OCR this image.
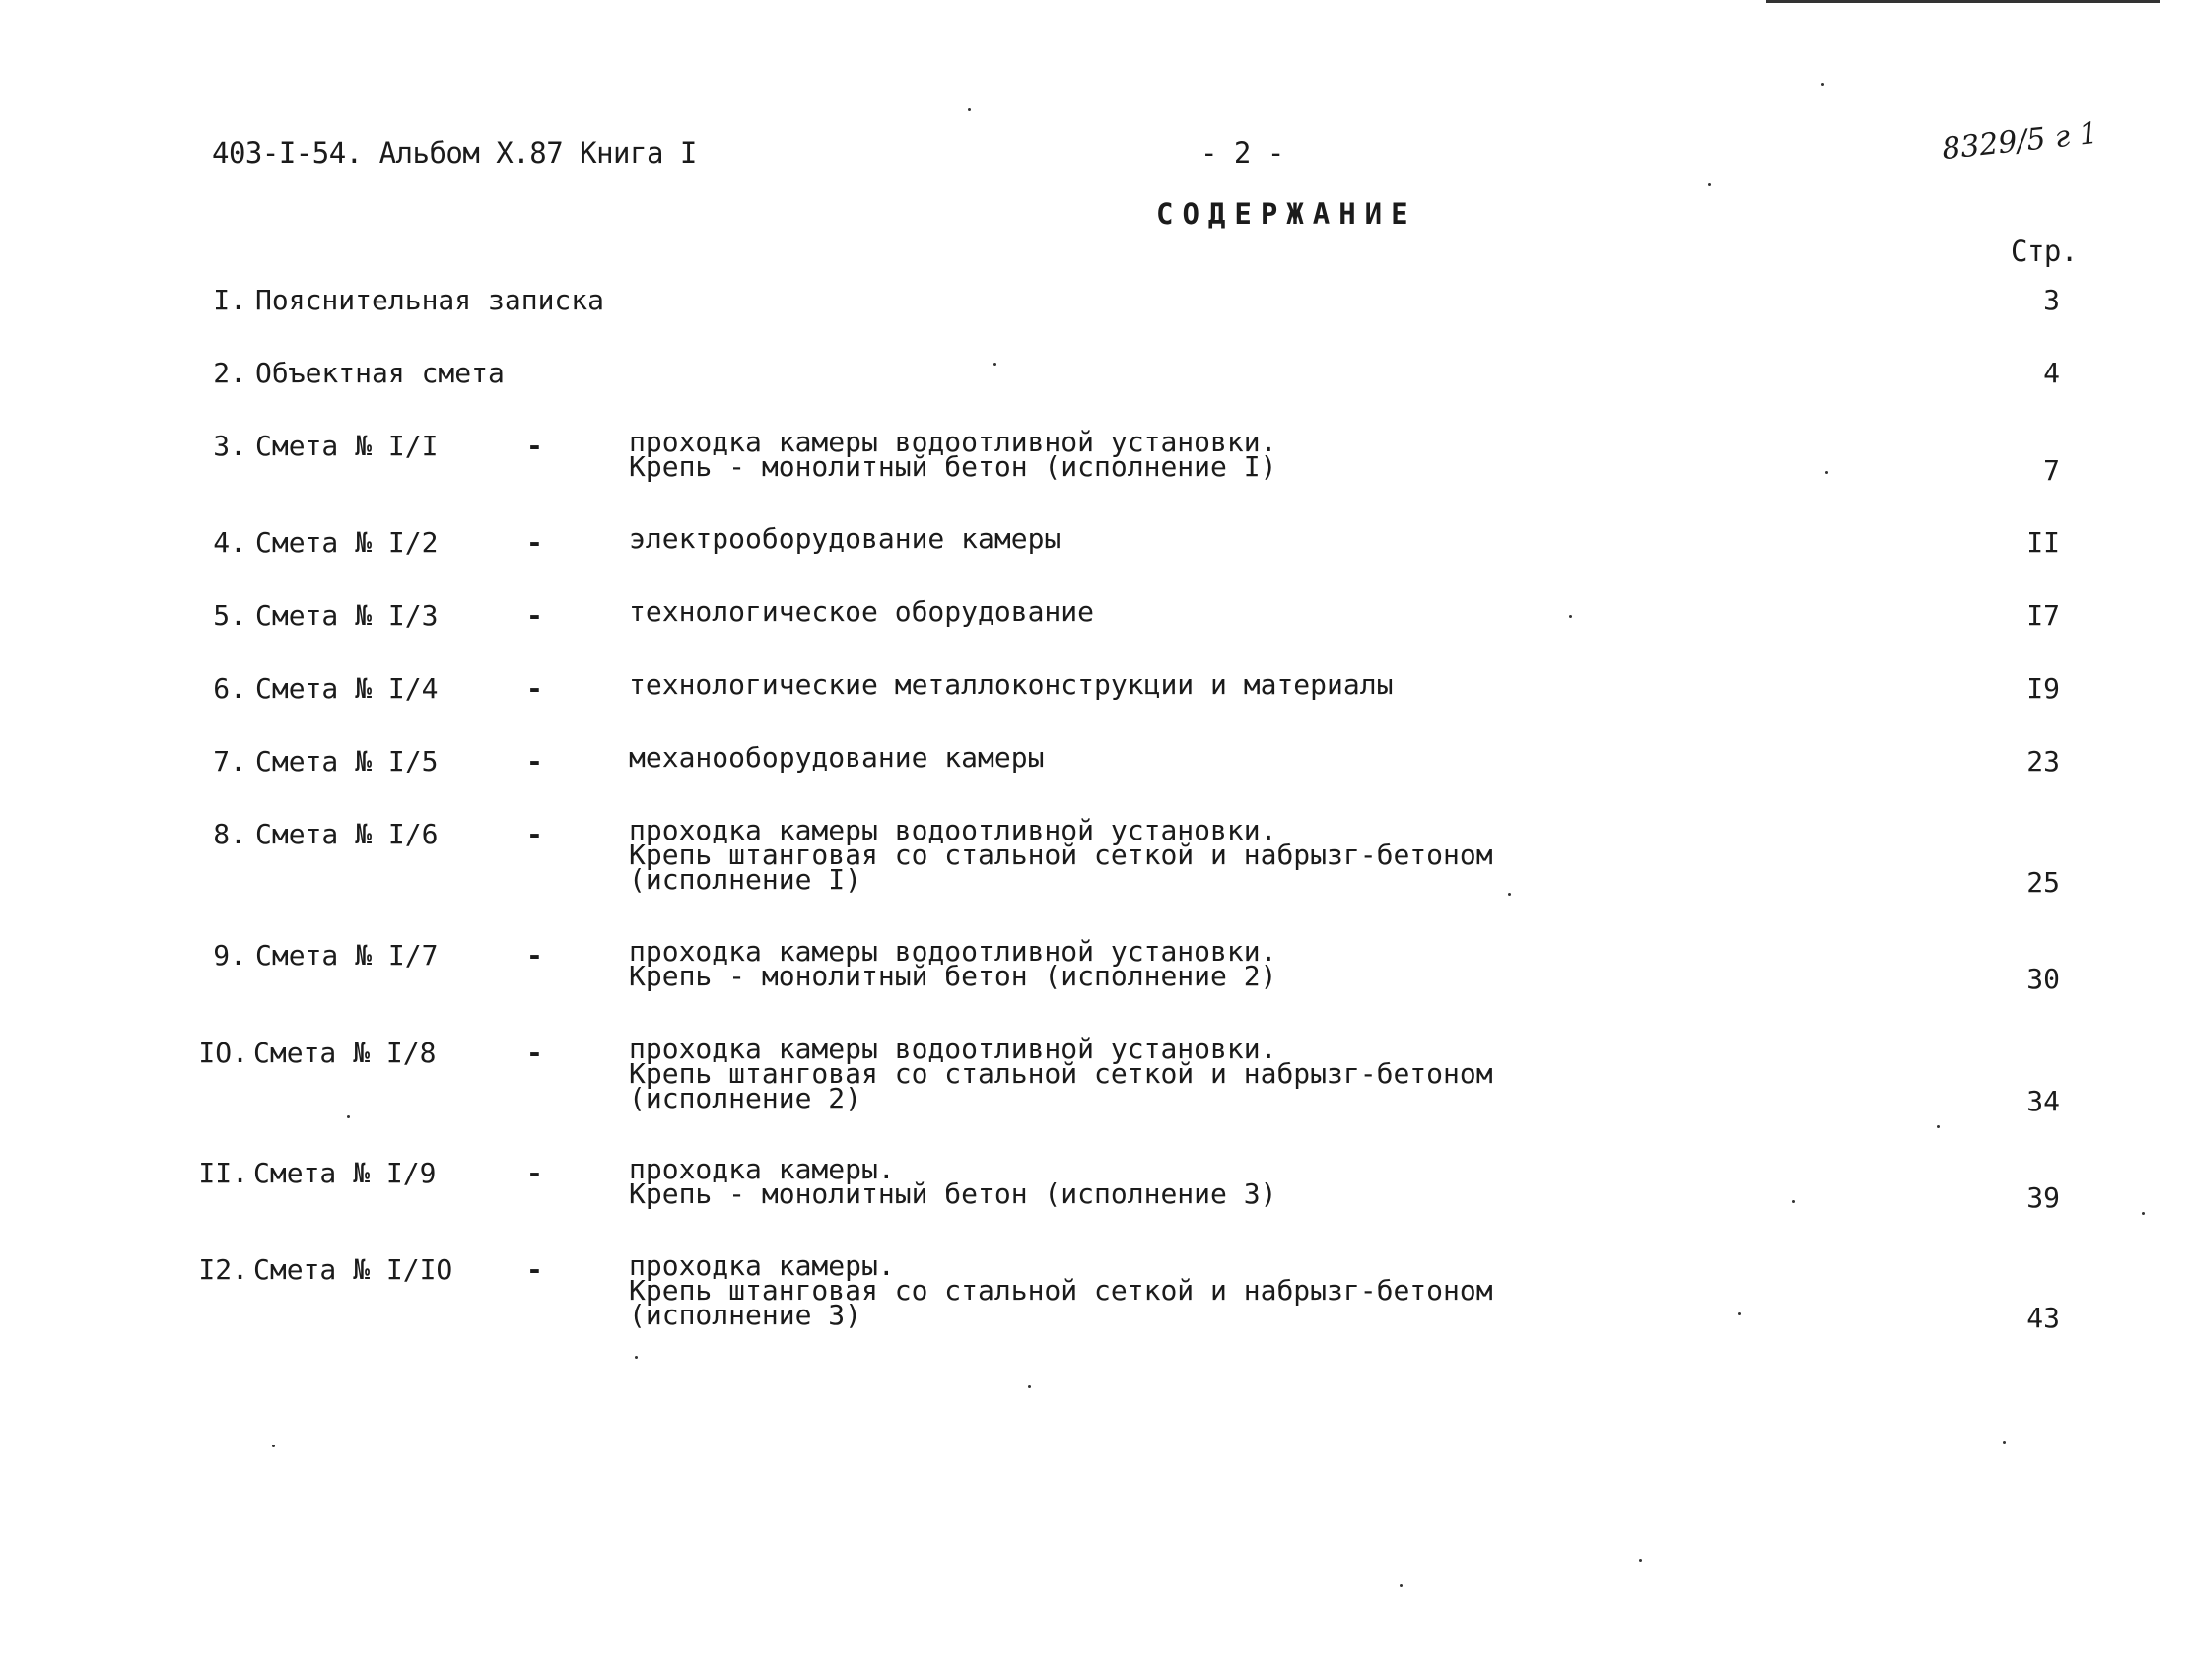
403-I-54. Альбом X.87 Книга I	- 2 -	8329/5 г 1
СОДЕРЖАНИЕ
Стр.
I. Пояснительная записка	3
2. Объектная смета	4
3. Смета № I/I	-	проходка камеры водоотливной установки.
Крепь - монолитный бетон (исполнение I)	7
4. Смета № I/2	-	электрооборудование камеры	II
5. Смета № I/3	-	технологическое оборудование	I7
6. Смета № I/4	-	технологические металлоконструкции и материалы	I9
7. Смета № I/5	-	механооборудование камеры	23
8. Смета № I/6	-	проходка камеры водоотливной установки.
Крепь штанговая со стальной сеткой и набрызг-бетоном
(исполнение I)	25
9. Смета № I/7	-	проходка камеры водоотливной установки.
Крепь - монолитный бетон (исполнение 2)	30
IO. Смета № I/8	-	проходка камеры водоотливной установки.
Крепь штанговая со стальной сеткой и набрызг-бетоном
(исполнение 2)	34
II. Смета № I/9	-	проходка камеры.
Крепь - монолитный бетон (исполнение 3)	39
I2. Смета № I/IO	-	проходка камеры.
Крепь штанговая со стальной сеткой и набрызг-бетоном
(исполнение 3)	43
